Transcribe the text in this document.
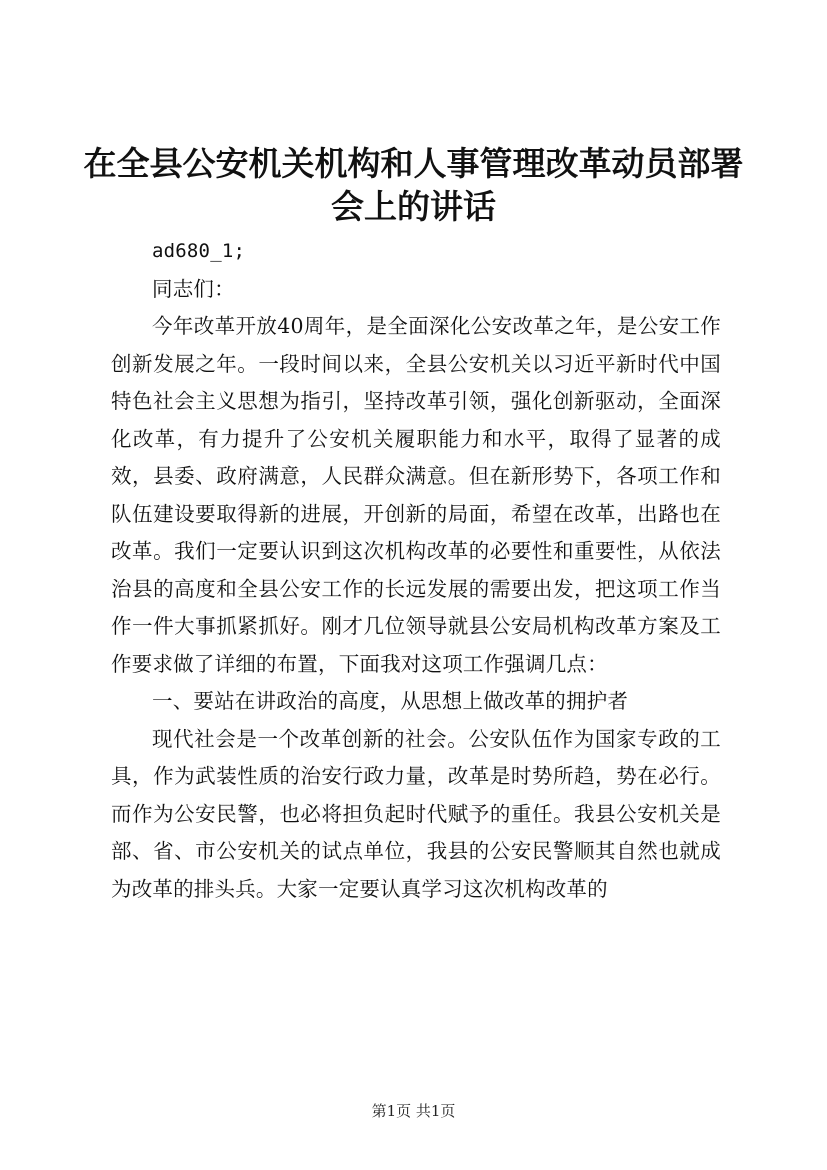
在全县公安机关机构和人事管理改革动员部署
会上的讲话

ad680_1;

同志们：

今年改革开放40周年，是全面深化公安改革之年，是公安工作创新发展之年。一段时间以来，全县公安机关以习近平新时代中国特色社会主义思想为指引，坚持改革引领，强化创新驱动，全面深化改革，有力提升了公安机关履职能力和水平，取得了显著的成效，县委、政府满意，人民群众满意。但在新形势下，各项工作和队伍建设要取得新的进展，开创新的局面，希望在改革，出路也在改革。我们一定要认识到这次机构改革的必要性和重要性，从依法治县的高度和全县公安工作的长远发展的需要出发，把这项工作当作一件大事抓紧抓好。刚才几位领导就县公安局机构改革方案及工作要求做了详细的布置，下面我对这项工作强调几点：

一、要站在讲政治的高度，从思想上做改革的拥护者

现代社会是一个改革创新的社会。公安队伍作为国家专政的工具，作为武装性质的治安行政力量，改革是时势所趋，势在必行。而作为公安民警，也必将担负起时代赋予的重任。我县公安机关是部、省、市公安机关的试点单位，我县的公安民警顺其自然也就成为改革的排头兵。大家一定要认真学习这次机构改革的

第1页 共1页
